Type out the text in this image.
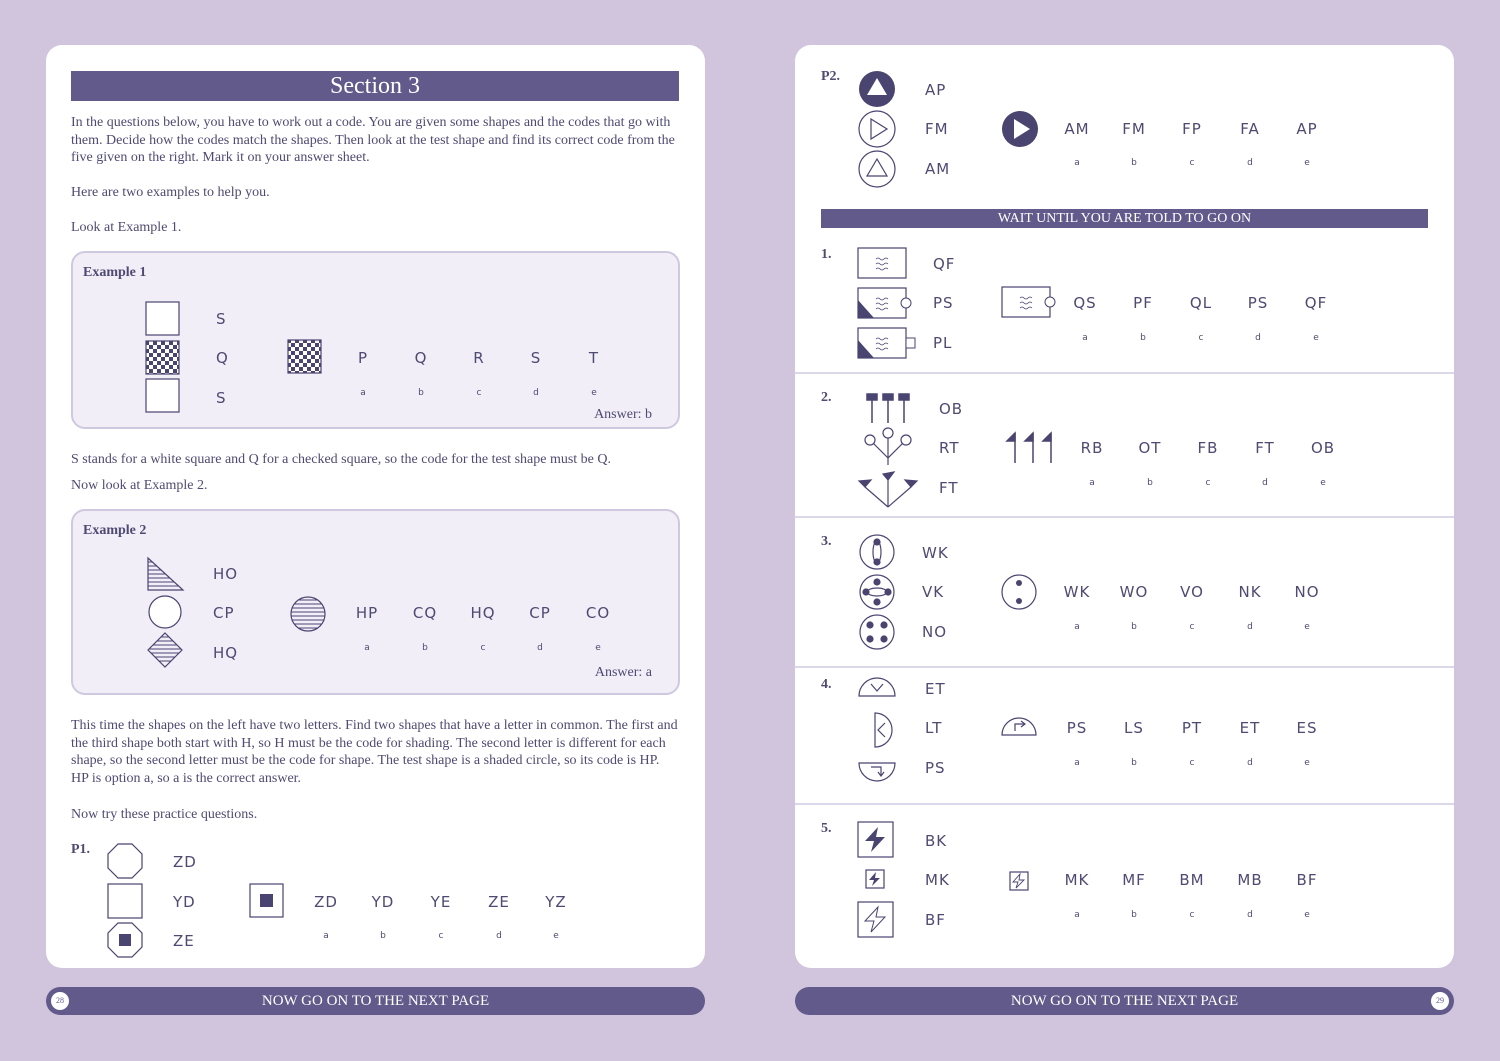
Section 3
In the questions below, you have to work out a code. You are given some shapes and the codes that go with them. Decide how the codes match the shapes. Then look at the test shape and find its correct code from the five given on the right. Mark it on your answer sheet.
Here are two examples to help you.
Look at Example 1.
Example 1
S
Q
S
P	Q	R	S	T
a	b	c	d	e
Answer: b
S stands for a white square and Q for a checked square, so the code for the test shape must be Q.
Now look at Example 2.
Example 2
HO
CP
HQ
HP	CQ	HQ	CP	CO
a	b	c	d	e
Answer: a
This time the shapes on the left have two letters. Find two shapes that have a letter in common. The first and the third shape both start with H, so H must be the code for shading. The second letter is different for each shape, so the second letter must be the code for shape. The test shape is a shaded circle, so its code is HP. HP is option a, so a is the correct answer.
Now try these practice questions.
P1.
ZD
YD
ZE
ZD	YD	YE	ZE	YZ
a	b	c	d	e
P2.
AP
FM
AM
AM	FM	FP	FA	AP
a	b	c	d	e
WAIT UNTIL YOU ARE TOLD TO GO ON
1.
QF
PS
PL
QS	PF	QL	PS	QF
a	b	c	d	e
2.
OB
RT
FT
RB	OT	FB	FT	OB
a	b	c	d	e
3.
WK
VK
NO
WK	WO	VO	NK	NO
a	b	c	d	e
4.	ET
LT
PS
PS	LS	PT	ET	ES
a	b	c	d	e
5.
BK
MK
BF
MK	MF	BM	MB	BF
a	b	c	d	e
28	NOW GO ON TO THE NEXT PAGE	NOW GO ON TO THE NEXT PAGE	29
